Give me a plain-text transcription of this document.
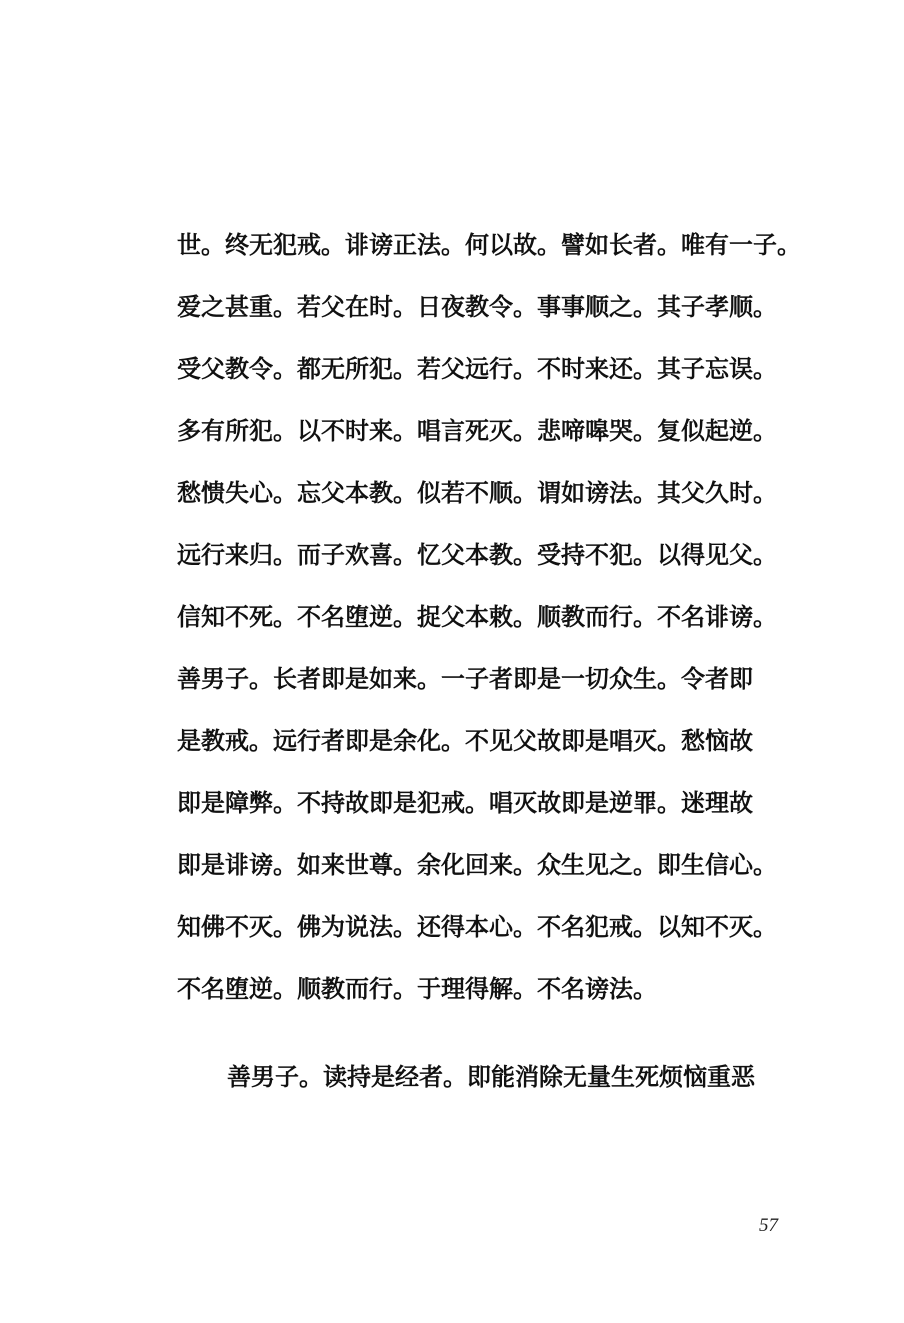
世。终无犯戒。诽谤正法。何以故。譬如长者。唯有一子。
爱之甚重。若父在时。日夜教令。事事顺之。其子孝顺。
受父教令。都无所犯。若父远行。不时来还。其子忘误。
多有所犯。以不时来。唱言死灭。悲啼嗥哭。复似起逆。
愁愦失心。忘父本教。似若不顺。谓如谤法。其父久时。
远行来归。而子欢喜。忆父本教。受持不犯。以得见父。
信知不死。不名堕逆。捉父本敕。顺教而行。不名诽谤。
善男子。长者即是如来。一子者即是一切众生。令者即
是教戒。远行者即是余化。不见父故即是唱灭。愁恼故
即是障弊。不持故即是犯戒。唱灭故即是逆罪。迷理故
即是诽谤。如来世尊。余化回来。众生见之。即生信心。
知佛不灭。佛为说法。还得本心。不名犯戒。以知不灭。
不名堕逆。顺教而行。于理得解。不名谤法。
善男子。读持是经者。即能消除无量生死烦恼重恶
57
